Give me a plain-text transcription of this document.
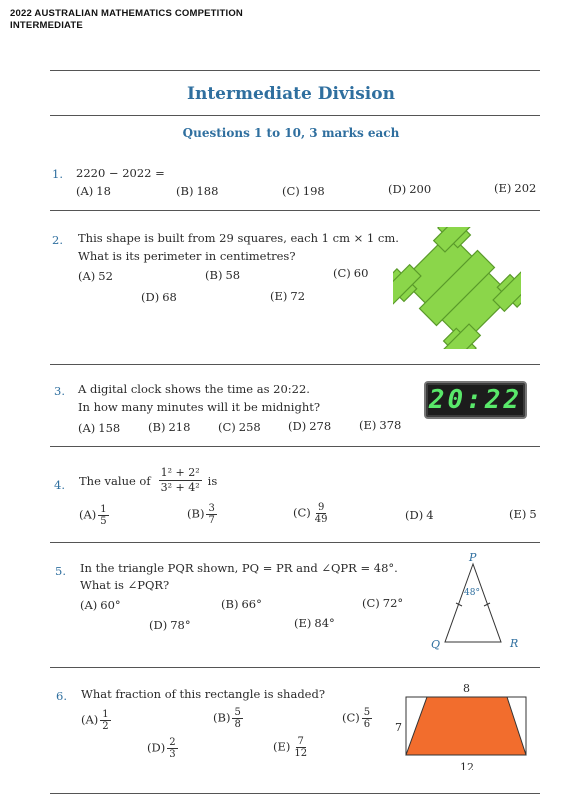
2022 AUSTRALIAN MATHEMATICS COMPETITION
INTERMEDIATE
Intermediate Division
Questions 1 to 10, 3 marks each
1. 2220 − 2022 =
(A) 18	(B) 188	(C) 198	(D) 200	(E) 202
2. This shape is built from 29 squares, each 1 cm × 1 cm.
What is its perimeter in centimetres?
(A) 52	(B) 58	(C) 60
(D) 68	(E) 72
3. A digital clock shows the time as 20:22.
In how many minutes will it be midnight?
(A) 158 (B) 218 (C) 258 (D) 278 (E) 378
20:22
4. The value of $\frac{\text{1² + 2²}}{\text{3² + 4²}}$ is
$(A) \frac{1}{5}$	$(B) \frac{3}{7}$	$(C) \frac{9}{49}$	(D) 4	(E) 5
5. In the triangle PQR shown, PQ = PR and ∠QPR = 48°.
What is ∠PQR?
(A) 60°	(B) 66°	(C) 72°
(D) 78°	(E) 84°
P
Q	R
48°
6. What fraction of this rectangle is shaded?
$(A) \frac{1}{2}$	$(B) \frac{5}{8}$	$(C) \frac{5}{6}$
$(D) \frac{2}{3}$	$(E) \frac{7}{12}$
8
7
12
